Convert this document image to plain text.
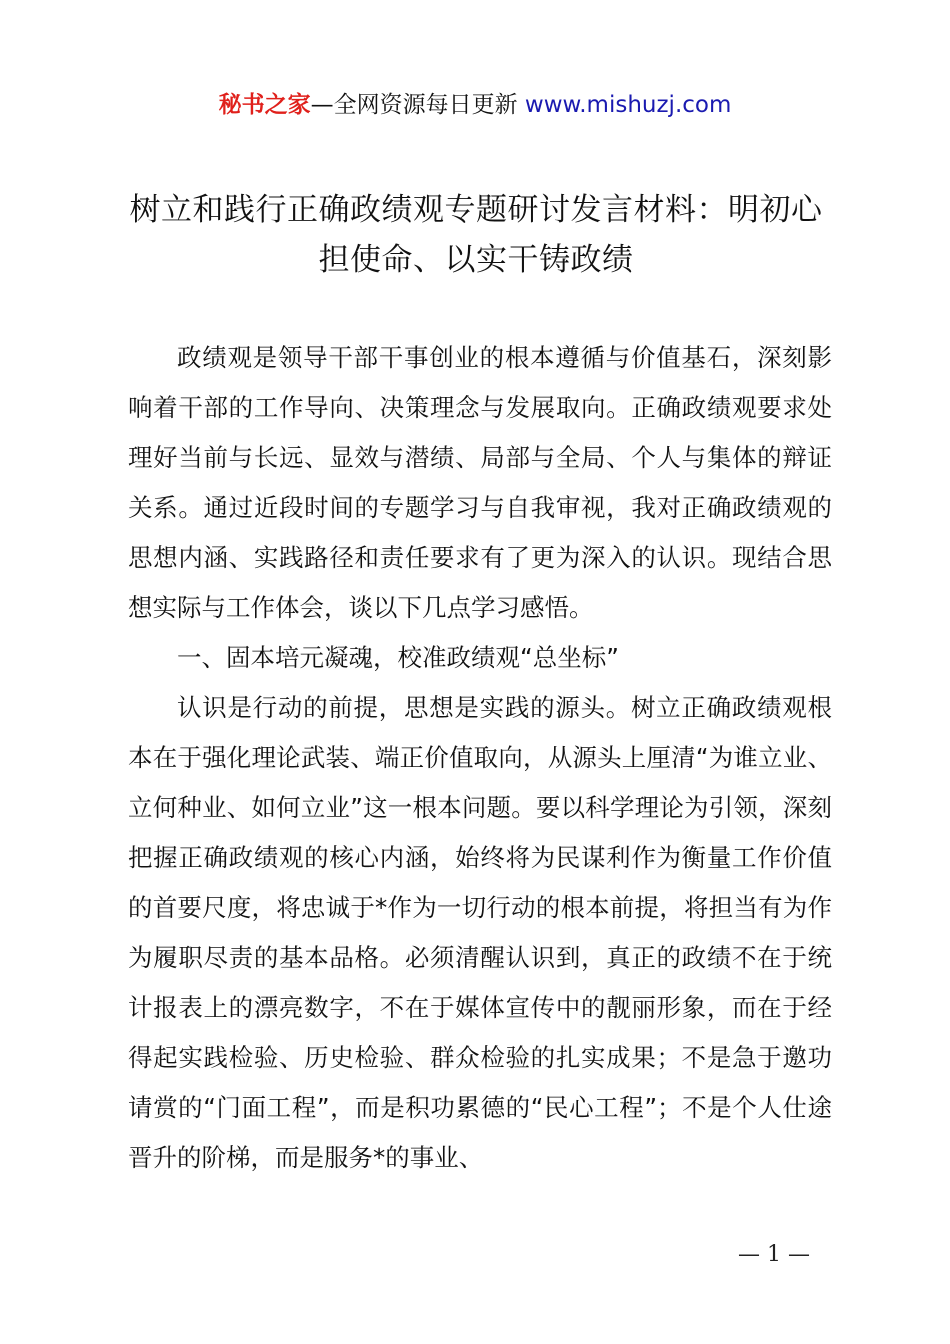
秘书之家—全网资源每日更新 www.mishuzj.com
树立和践行正确政绩观专题研讨发言材料：明初心担使命、以实干铸政绩

政绩观是领导干部干事创业的根本遵循与价值基石，深刻影响着干部的工作导向、决策理念与发展取向。正确政绩观要求处理好当前与长远、显效与潜绩、局部与全局、个人与集体的辩证关系。通过近段时间的专题学习与自我审视，我对正确政绩观的思想内涵、实践路径和责任要求有了更为深入的认识。现结合思想实际与工作体会，谈以下几点学习感悟。

一、固本培元凝魂，校准政绩观“总坐标”

认识是行动的前提，思想是实践的源头。树立正确政绩观根本在于强化理论武装、端正价值取向，从源头上厘清“为谁立业、立何种业、如何立业”这一根本问题。要以科学理论为引领，深刻把握正确政绩观的核心内涵，始终将为民谋利作为衡量工作价值的首要尺度，将忠诚于*作为一切行动的根本前提，将担当有为作为履职尽责的基本品格。必须清醒认识到，真正的政绩不在于统计报表上的漂亮数字，不在于媒体宣传中的靓丽形象，而在于经得起实践检验、历史检验、群众检验的扎实成果；不是急于邀功请赏的“门面工程”，而是积功累德的“民心工程”；不是个人仕途晋升的阶梯，而是服务*的事业、

— 1 —
